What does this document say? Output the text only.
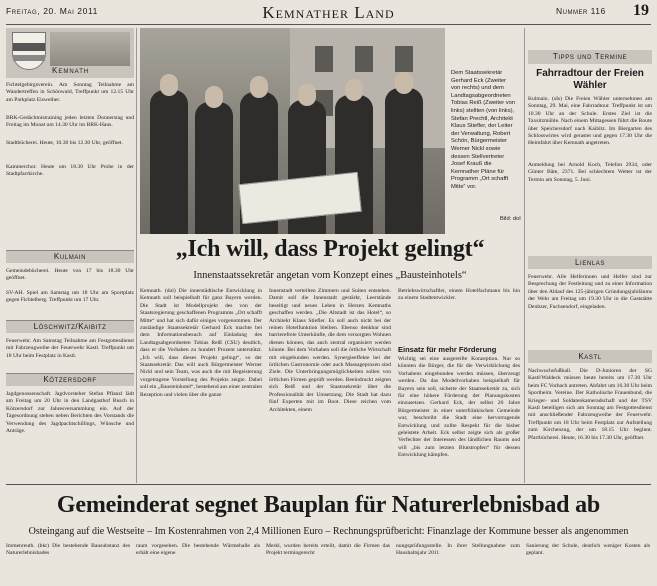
Freitag, 20. Mai 2011	Kemnather Land	Nummer 116 19
Kemnath

Fichtelgebirgsverein. Am Sonntag Teilnahme am Wandertreffen in Schönwald, Treffpunkt um 12.15 Uhr am Parkplatz Eisweiher.

BRK-Gedächtnistraining jeden letzten Donnerstag und Freitag im Monat um 14.30 Uhr im BRK-Haus.

Stadtbücherei. Heute, 10.30 bis 12.30 Uhr, geöffnet.

Kammerchor. Heute um 18.30 Uhr Probe in der Stadtpfarrkirche.

Kulmain

Gemeindebücherei. Heute von 17 bis 18.30 Uhr geöffnet.

SV-AH. Spiel am Samstag um 18 Uhr am Sportplatz gegen Fichtelberg. Treffpunkt um 17 Uhr.

Löschwitz/Kaibitz

Feuerwehr. Am Samstag Teilnahme am Festgottesdienst mit Fahrzeugweihe der Feuerwehr Kastl. Treffpunkt um 18 Uhr beim Festplatz in Kastl.

Kötzersdorf

Jagdgenossenschaft. Jagdvorsteher Stefan Pflanzl lädt am Freitag um 20 Uhr in den Landgasthof Busch in Kötzersdorf zur Jahresversammlung ein. Auf der Tagesordnung stehen neben Berichten des Vorstands die Verwendung des Jagdpachtschillings, Wünsche und Anträge.

Dem Staatssekretär Gerhard Eck (Zweiter von rechts) und dem Landtagsabgeordneten Tobias Reiß (Zweiter von links) stellten (von links), Stefan Prechtl, Architekt Klaus Stiefler, der Leiter der Verwaltung, Robert Schön, Bürgermeister Werner Nickl sowie dessen Stellvertreter Josef Krauß die Kemnather Pläne für Programm „Ort schafft Mitte“ vor.
Bild: dol
Tipps und Termine
Fahrradtour der Freien Wähler

Kulmain. (sIs) Die Freien Wähler unternehmen am Sonntag, 29. Mai, eine Fahrradtour. Treffpunkt ist um 10.30 Uhr an der Schule. Erstes Ziel ist die Taxsitzmühle. Nach einem Mittagessen führt die Route über Speichersdorf nach Kaibitz. Im Biergarten des Schlosswirtes wird gerastet und gegen 17.30 Uhr die Heimfahrt über Kemnath angetreten.

Anmeldung bei Arnold Koch, Telefon 2934, oder Günter Bäte, 2371. Bei schlechtem Wetter ist der Termin am Sonntag, 5. Juni.

Lienlas

Feuerwehr. Alle Helferinnen und Helfer sind zur Besprechung der Festleitung und zu einer Information über den Ablauf des 125-jährigen Gründungsjubiläums der Wehr am Freitag um 19.30 Uhr in die Gaststätte Deubzer, Fuchsendorf, eingeladen.

Kastl

Nachwuchsfußball. Die D-Junioren der SG Kastl/Waldeck müssen heute bereits um 17.30 Uhr beim FC Vorbach antreten. Abfahrt um 16.30 Uhr beim Sportheim. Vereine. Der Katholische Frauenbund, die Krieger- und Soldatenkameradschaft und der TSV Kastl beteiligen sich am Sonntag am Festgottesdienst mit anschließender Fahrzeugweihe der Feuerwehr. Treffpunkt um 18 Uhr beim Festplatz zur Aufstellung zum Kirchenzug, der um 18.15 Uhr beginnt. Pfarrbücherei. Heute, 16.30 bis 17.30 Uhr, geöffnet.

„Ich will, dass Projekt gelingt“
Innenstaatssekretär angetan vom Konzept eines „Bausteinhotels“

Kemnath. (dol) Die innerstädtische Entwicklung in Kemnath soll beispielhaft für ganz Bayern werden. Die Stadt ist Modellprojekt des von der Staatsregierung geschaffenen Programms „Ort schafft Mitte“ und hat sich dafür einiges vorgenommen. Der zuständige Staatssekretär Gerhard Eck machte bei dem Informationsbesuch auf Einladung des Landtagsabgeordneten Tobias Reiß (CSU) deutlich, dass er die Vorhaben zu hundert Prozent unterstützt. „Ich will, dass dieses Projekt gelingt“, so der Staatssekretär. Das will auch Bürgermeister Werner Nickl und sein Team, was auch die mit Begeisterung vorgetragene Vorstellung des Projekts zeigte. Dabei soll ein „Bausteinhotel“, bestehend aus einer zentralen Rezeption und vielen über die ganze

Innenstadt verteilten Zimmern und Suiten entstehen. Damit soll die Innenstadt gestärkt, Leerstände beseitigt und neues Leben in Herzen Kemnaths geschaffen werden. „Die Altstadt ist das Hotel“, so Architekt Klaus Stiefler. Es soll auch nicht bei der reinen Hotelfunktion bleiben. Ebenso denkbar sind barrierefreie Unterkünfte, die dem versorgten Wohnen dienen können, das auch zentral organisiert werden könnte. Bei dem Vorhaben soll die örtliche Wirtschaft mit eingebunden werden. Synergieeffekte bei der örtlichen Gastronomie oder auch Massagepraxen sind Ziele. Die Unterbringungsmöglichkeiten sollen von örtlichen Firmen geprüft werden. Beeindruckt zeigten sich Reiß und der Staatssekretär über die Professionalität der Umsetzung. Die Stadt hat dazu fünf Experten mit im Boot. Diese reichen vom Architekten, einem

Betriebswirtschaftler, einem Hotelfachmann bis hin zu einem Stadtentwickler.

Einsatz für mehr Förderung

Wichtig sei eine ausgereifte Konzeption. Nur so könnten die Bürger, die für die Verwirklichung des Vorhabens eingebunden werden müssen, überzeugt werden. Da das Modellvorhaben beispielhaft für Bayern sein soll, sicherte der Staatssekretär zu, sich für eine höhere Förderung der Planungskosten einzusetzen. Gerhard Eck, der selbst 20 Jahre Bürgermeister in einer unterfränkischen Gemeinde war, beschreibt die Stadt eine hervorragende Entwicklung und zollte Respekt für die bisher geleistete Arbeit. Eck selbst zeigte sich als großer Verfechter der Interessen des ländlichen Raums und will „bis zum letzten Blutstropfen“ für dessen Entwicklung kämpfen.

Gemeinderat segnet Bauplan für Naturerlebnisbad ab
Osteingang auf die Westseite – Im Kostenrahmen von 2,4 Millionen Euro – Rechnungsprüfbericht: Finanzlage der Kommune besser als angenommen

Immenreuth. (bkr) Die bestehende Bausubstanz des Naturerlebnisbades

raum vorgesehen. Die bestehende Wärmehalle als erhält eine eigene

Merkl, wurden bereits erteilt, damit die Firmen das Projekt termingerecht

nungsprüfungsstelle. In ihrer Stellungnahme zum Haushaltsjahr 2011

Sanierung der Schule, deutlich weniger Kosten als geplant.
